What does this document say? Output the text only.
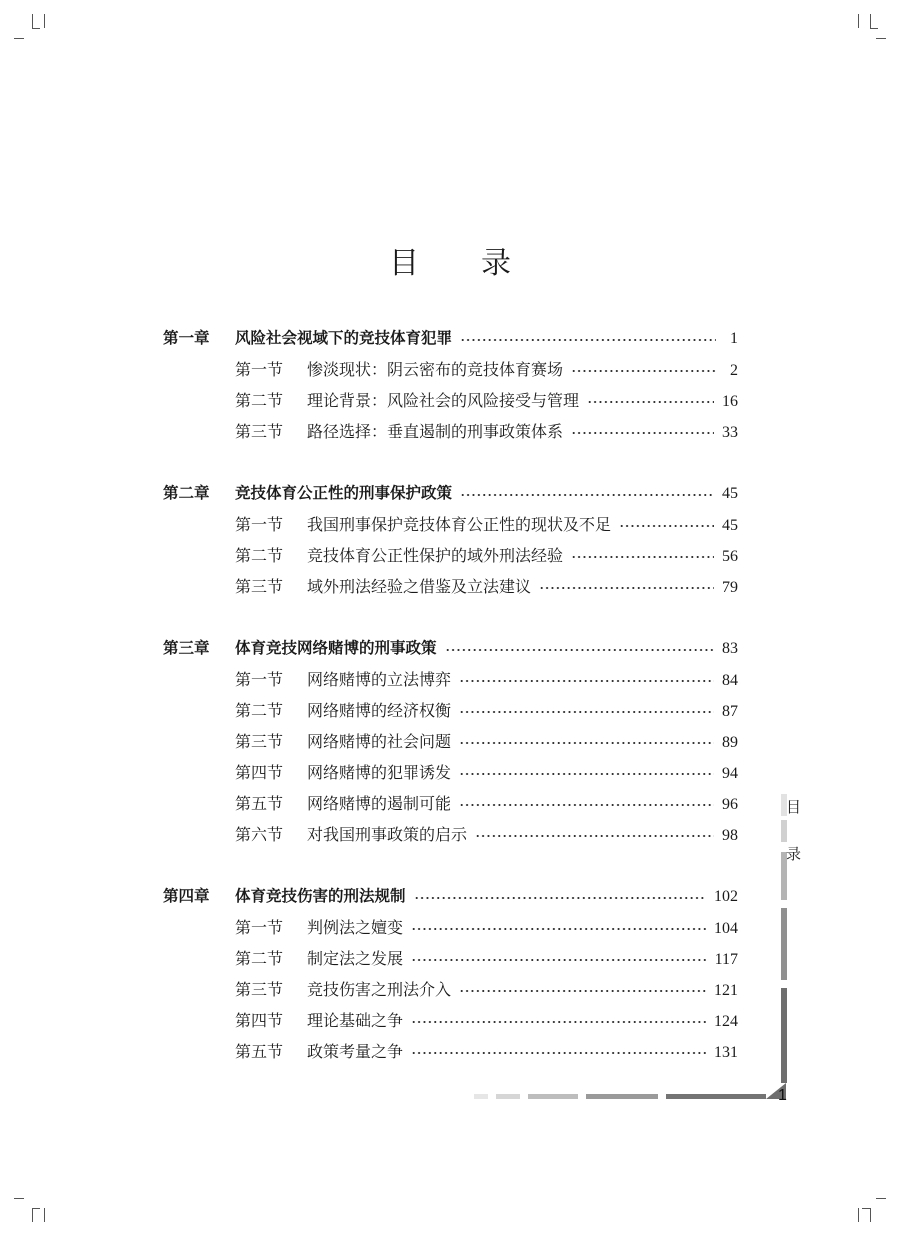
目录
第一章	风险社会视域下的竞技体育犯罪	1
第一节	惨淡现状：阴云密布的竞技体育赛场	2
第二节	理论背景：风险社会的风险接受与管理	16
第三节	路径选择：垂直遏制的刑事政策体系	33
第二章	竞技体育公正性的刑事保护政策	45
第一节	我国刑事保护竞技体育公正性的现状及不足	45
第二节	竞技体育公正性保护的域外刑法经验	56
第三节	域外刑法经验之借鉴及立法建议	79
第三章	体育竞技网络赌博的刑事政策	83
第一节	网络赌博的立法博弈	84
第二节	网络赌博的经济权衡	87
第三节	网络赌博的社会问题	89
第四节	网络赌博的犯罪诱发	94
第五节	网络赌博的遏制可能	96
第六节	对我国刑事政策的启示	98
第四章	体育竞技伤害的刑法规制	102
第一节	判例法之嬗变	104
第二节	制定法之发展	117
第三节	竞技伤害之刑法介入	121
第四节	理论基础之争	124
第五节	政策考量之争	131
目
录
1
